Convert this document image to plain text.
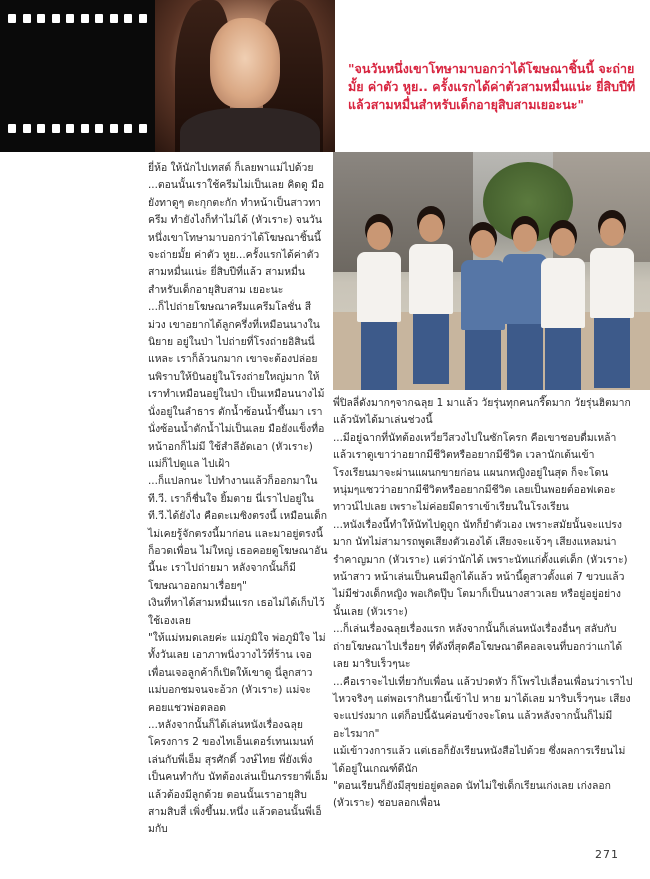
"จนวันหนึ่งเขาโทษามาบอกว่าได้โฆษณาชิ้นนี้ จะถ่ายมั้ย ค่าตัว หูย.. ครั้งแรกได้ค่าตัวสามหมื่นแน่ะ ยี่สิบปีที่แล้วสามหมื่นสำหรับเด็กอายุสิบสามเยอะนะ"

ยี่ห้อ ให้นักไปเทสต์ ก็เลยพาแม่ไปด้วย

...ตอนนั้นเราใช้ครีมไม่เป็นเลย คิดดู มือยังทาดูๆ ตะกุกตะกัก ทำหน้าเป็นสาวทาครีม ทำยังไงก็ทำไม่ได้ (หัวเราะ) จนวันหนึ่งเขาโทษามาบอกว่าได้โฆษณาชิ้นนี้ จะถ่ายมั้ย ค่าตัว หูย...ครั้งแรกได้ค่าตัวสามหมื่นแน่ะ ยี่สิบปีที่แล้ว สามหมื่นสำหรับเด็กอายุสิบสาม เยอะนะ

...ก็ไปถ่ายโฆษณาครีมแครีมโลชั่น สีม่วง เขาอยากได้ลูกครึ่งที่เหมือนนางในนิยาย อยู่ในป่า ไปถ่ายที่โรงถ่ายอิสินนี่แหละ เราก็ล้วนกมาก เขาจะต้องปล่อยนพิราบให้บินอยู่ในโรงถ่ายใหญ่มาก ให้เราทำเหมือนอยู่ในป่า เป็นเหมือนนางไม้นั่งอยู่ในลำธาร ตักน้ำซ้อนน้ำขึ้นมา เรานั่งซ้อนน้ำตักน้ำไม่เป็นเลย มือยังแข็งทื่อ หน้าอกก็ไม่มี ใช้สำลีอัดเอา (หัวเราะ) แม่ก็ไปดูแล ไปเฝ้า

...ก็แปลกนะ ไปทำงานแล้วก็ออกมาในที.วี. เราก็ชื่นใจ ยิ้มตาย นี่เราไปอยู่ในที.วี.ได้ยังไง คือตะเมซิงตรงนี้ เหมือนเด็กไม่เคยรู้จักตรงนี้มาก่อน และมาอยู่ตรงนี้ ก็อวดเพื่อน ไม่ใหญ่ เธอคอยดูโฆษณาอันนี้นะ เราไปถ่ายมา หลังจากนั้นก็มีโฆษณาออกมาเรื่อยๆ"

เงินที่หาได้สามหมื่นแรก เธอไม่ได้เก็บไว้ใช้เองเลย

"ให้แม่หมดเลยค่ะ แม่ภูมิใจ พ่อภูมิใจ ไม่ทั้งวันเลย เอาภาพนิ่งวางไว้ที่ร้าน เจอเพื่อนเจอลูกค้าก็เปิดให้เขาดู นี่ลูกสาว แม่บอกชมจนจะอ้วก (หัวเราะ) แม่จะคอยแชวพ่อตลอด

...หลังจากนั้นก็ได้เล่นหนังเรื่องฉลุยโครงการ 2 ของไทเอ็นเตอร์เทนเมนท์ เล่นกับพี่เอ็ม สุรศักดิ์ วงษ์ไทย พี่ยังเพิ่งเป็นคนทำกับ นัทต้องเล่นเป็นภรรยาพี่เอ็ม แล้วต้องมีลูกด้วย ตอนนั้นเราอายุสิบสามสิบสี่ เพิ่งขึ้นม.หนึ่ง แล้วตอนนั้นพี่เอ็มกับ

พี่ปิลลี่ดังมากๆจากฉลุย 1 มาแล้ว วัยรุ่นทุกคนกรี๊ดมาก วัยรุ่นฮิตมาก แล้วนัทได้มาเล่นช่วงนี้

...มีอยู่ฉากที่นัทต้องเหวี่ยวีสวงไปในซักโครก คือเขาชอบดื่มเหล้า แล้วเราดูเขาว่าอยากมีชีวิตหรืออยากมีชีวิต เวลานักเต้นเข้าโรงเรียนมาจะผ่านแผนกขายก่อน แผนกหญิงอยู่ในสุด ก็จะโดนหนุ่มๆแซวว่าอยากมีชีวิตหรืออยากมีชีวิต เลยเป็นพอยต์ออฟเดอะทาวน์ไปเลย เพราะไม่ค่อยมีดาราเข้าเรียนในโรงเรียน

...หนังเรื่องนี้ทำให้นัทไปดูถูก นัทก็ยำตัวเอง เพราะสมัยนั้นจะแปรงมาก นัทไม่สามารถพูดเสียงตัวเองได้ เสียงจะแจ้วๆ เสียงแหลมน่ารำคาญมาก (หัวเราะ) แต่ว่านักได้ เพราะนัทแก่ตั้งแต่เด็ก (หัวเราะ) หน้าสาว หน้าเล่นเป็นคนมีลูกได้แล้ว หน้านี้ดูสาวตั้งแต่ 7 ขวบแล้ว ไม่มีช่วงเด็กหญิง พอเกิดปุ๊บ โตมาก็เป็นนางสาวเลย หรือยู่อยู่อย่างนั้นเลย (หัวเราะ)

...ก็เล่นเรื่องฉลุยเรื่องแรก หลังจากนั้นก็เล่นหนังเรื่องอื่นๆ สลับกับถ่ายโฆษณาไปเรื่อยๆ ที่ดังที่สุดคือโฆษณาดีคอลเจนที่บอกว่าแกได้เลย มาริบเร็วๆนะ

...คือเราจะไปเที่ยวกับเพื่อน แล้วปวดหัว ก็โพรไปเลื่อนเพื่อนว่าเราไปไหวจริงๆ แต่พอเรากินยานี้เข้าไป หาย มาได้เลย มาริบเร็วๆนะ เสียงจะแปร่งมาก แต่ก็อปนี้ฉันค่อนข้างจะโดน แล้วหลังจากนั้นก็ไม่มีอะไรมาก"

แม้เข้าวงการแล้ว แต่เธอก็ยังเรียนหนังสือไปด้วย ซึ่งผลการเรียนไม่ได้อยู่ในเกณฑ์ดีนัก

"ตอนเรียนก็ยังมีสุขย่อยู่ตลอด นัทไม่ใช่เด็กเรียนเก่งเลย เก่งลอก (หัวเราะ) ชอบลอกเพื่อน

271
